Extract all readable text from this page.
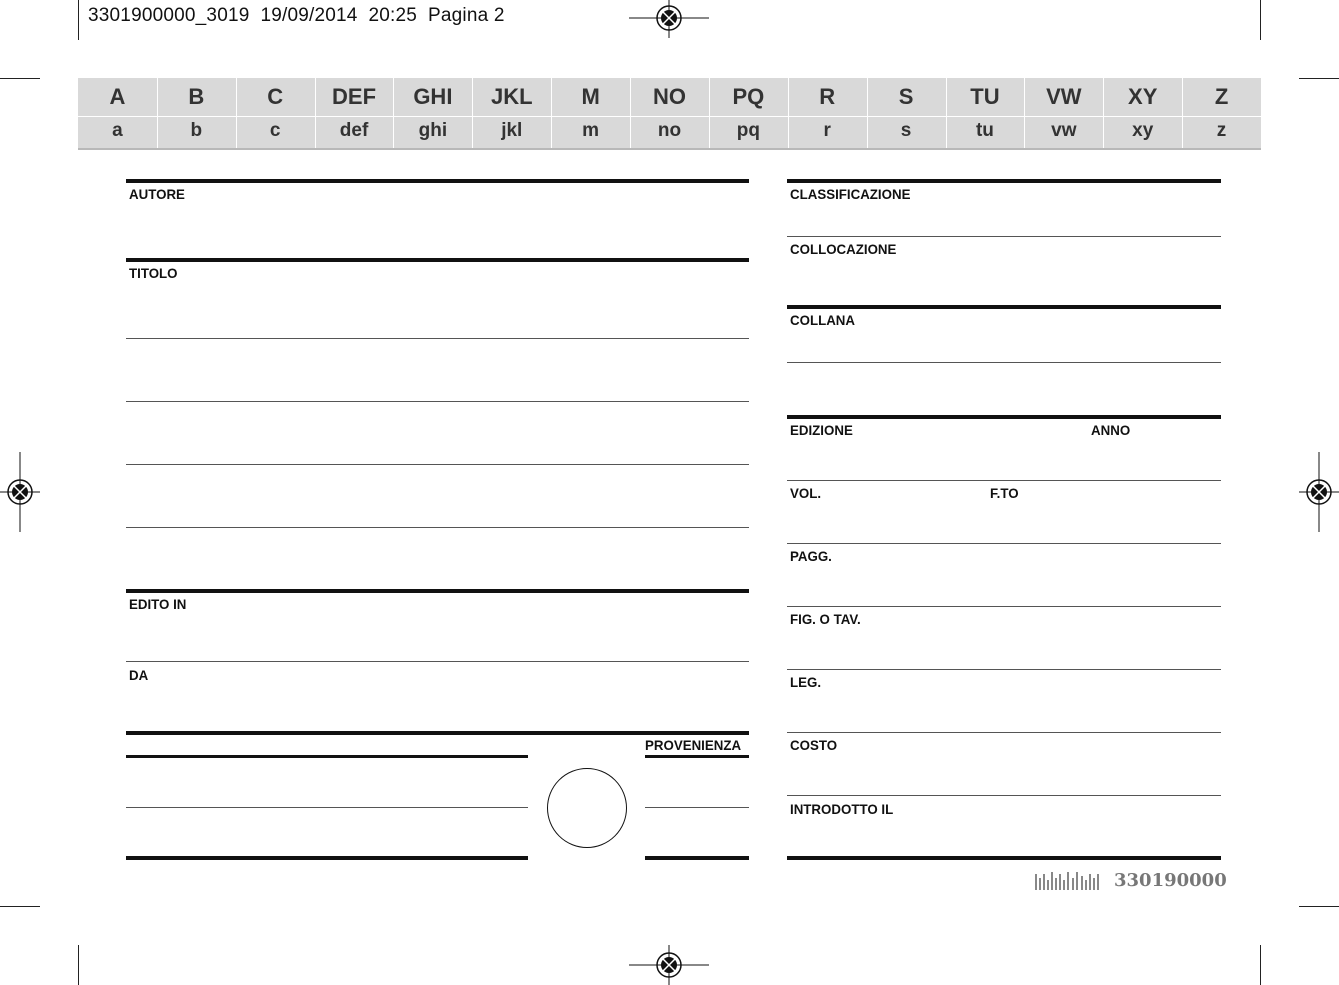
3301900000_3019  19/09/2014  20:25  Pagina 2
A
a
B
b
C
c
DEF
def
GHI
ghi
JKL
jkl
M
m
NO
no
PQ
pq
R
r
S
s
TU
tu
VW
vw
XY
xy
Z
z
AUTORE
TITOLO
EDITO IN
DA
PROVENIENZA
CLASSIFICAZIONE
COLLOCAZIONE
COLLANA
EDIZIONE	ANNO
VOL.	F.TO
PAGG.
FIG. O TAV.
LEG.
COSTO
INTRODOTTO IL
330190000
